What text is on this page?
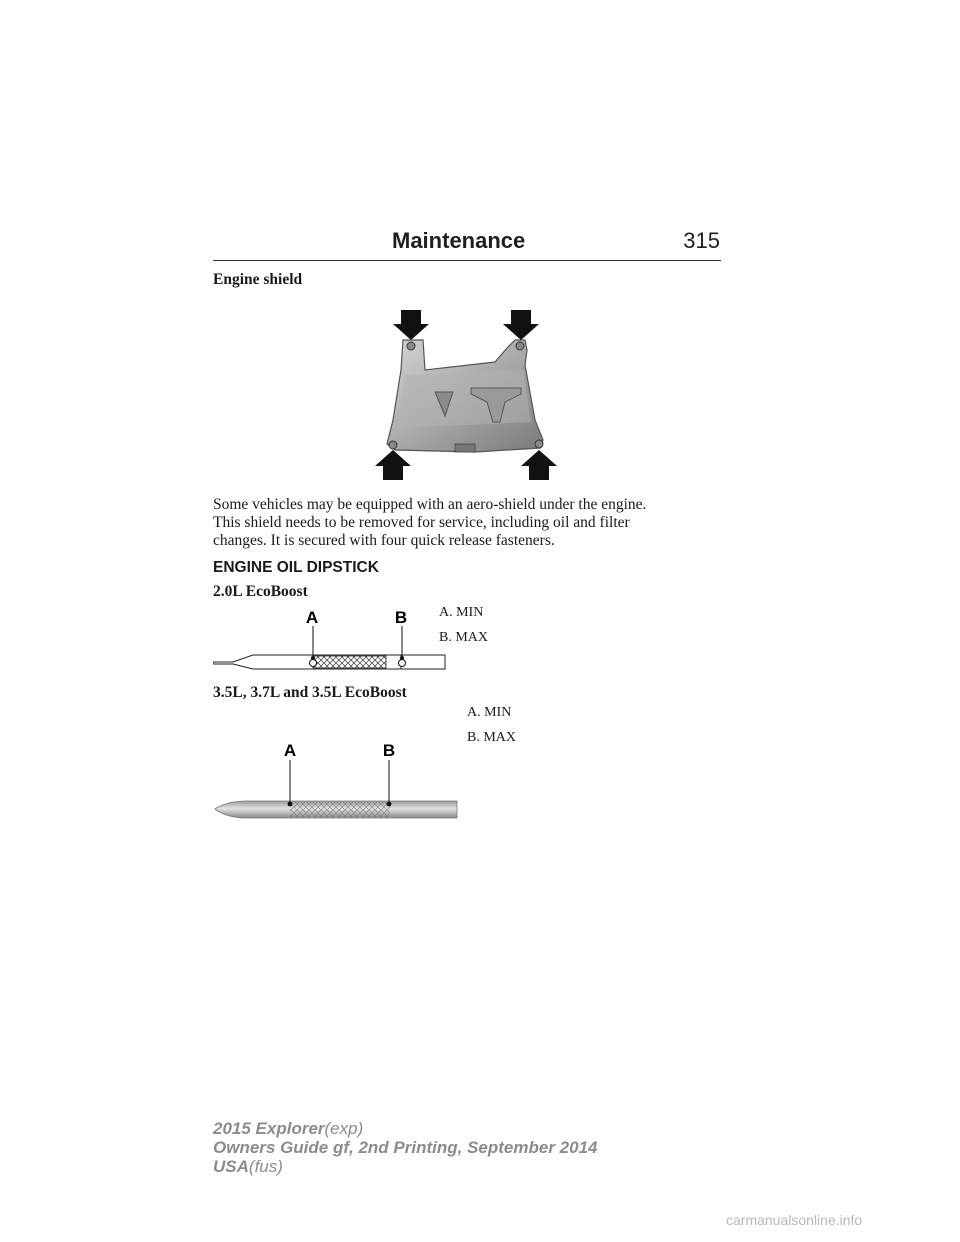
Maintenance	315
Engine shield
Some vehicles may be equipped with an aero-shield under the engine.
This shield needs to be removed for service, including oil and filter
changes. It is secured with four quick release fasteners.
ENGINE OIL DIPSTICK
2.0L EcoBoost
A. MIN
B. MAX
A	B
3.5L, 3.7L and 3.5L EcoBoost
A. MIN
B. MAX
A	B
2015 Explorer(exp)
Owners Guide gf, 2nd Printing, September 2014
USA(fus)
carmanualsonline.info
